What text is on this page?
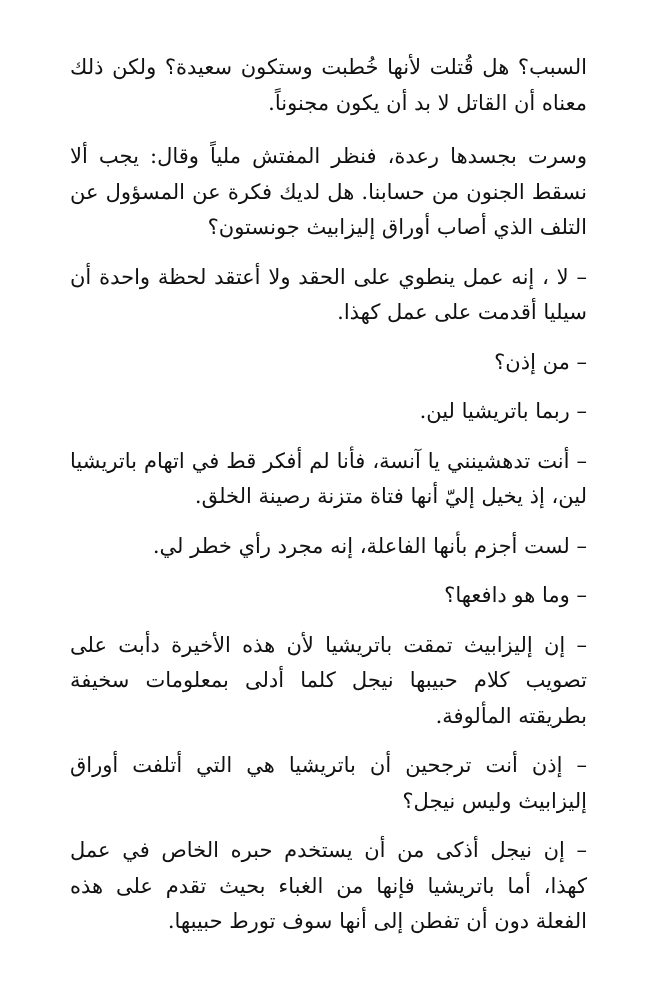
السبب؟ هل قُتلت لأنها خُطبت وستكون سعيدة؟ ولكن ذلك معناه أن القاتل لا بد أن يكون مجنوناً.

وسرت بجسدها رعدة، فنظر المفتش ملياً وقال: يجب ألا نسقط الجنون من حسابنا. هل لديك فكرة عن المسؤول عن التلف الذي أصاب أوراق إليزابيث جونستون؟

– لا ، إنه عمل ينطوي على الحقد ولا أعتقد لحظة واحدة أن سيليا أقدمت على عمل كهذا.

– من إذن؟

– ربما باتريشيا لين.

– أنت تدهشينني يا آنسة، فأنا لم أفكر قط في اتهام باتريشيا لين، إذ يخيل إليّ أنها فتاة متزنة رصينة الخلق.

– لست أجزم بأنها الفاعلة، إنه مجرد رأي خطر لي.

– وما هو دافعها؟

– إن إليزابيث تمقت باتريشيا لأن هذه الأخيرة دأبت على تصويب كلام حبيبها نيجل كلما أدلى بمعلومات سخيفة بطريقته المألوفة.

– إذن أنت ترجحين أن باتريشيا هي التي أتلفت أوراق إليزابيث وليس نيجل؟

– إن نيجل أذكى من أن يستخدم حبره الخاص في عمل كهذا، أما باتريشيا فإنها من الغباء بحيث تقدم على هذه الفعلة دون أن تفطن إلى أنها سوف تورط حبيبها.
